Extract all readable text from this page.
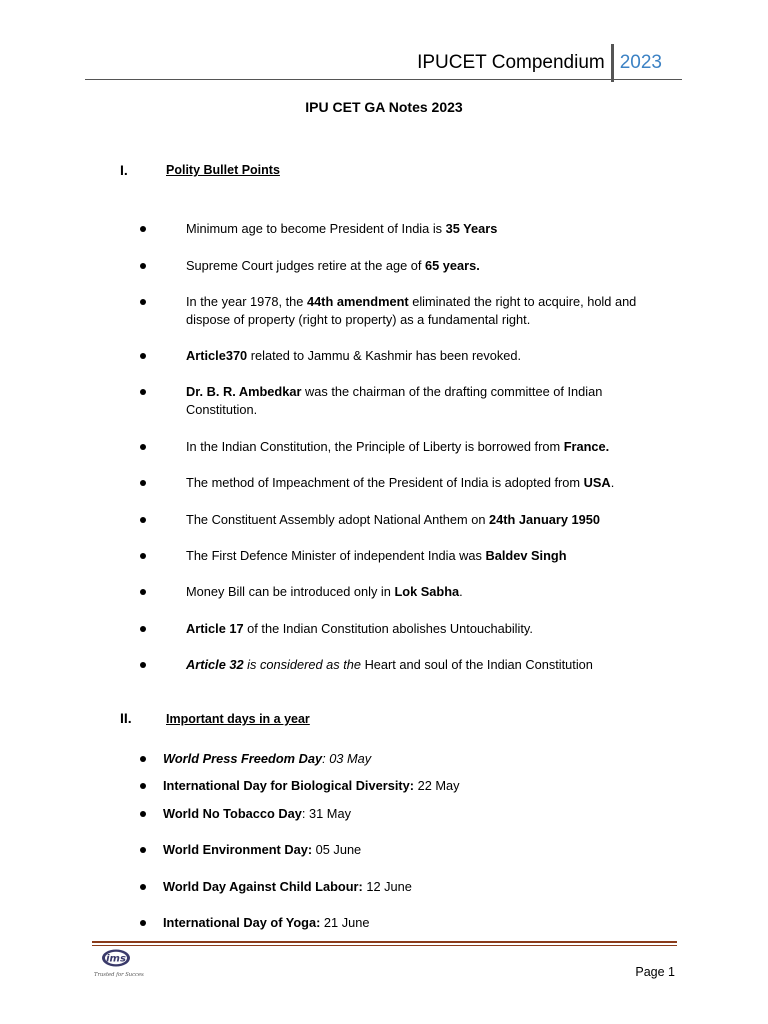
IPUCET Compendium 2023
IPU CET GA Notes 2023
I.	Polity Bullet Points
Minimum age to become President of India is 35 Years
Supreme Court judges retire at the age of 65 years.
In the year 1978, the 44th amendment eliminated the right to acquire, hold and dispose of property (right to property) as a fundamental right.
Article370 related to Jammu & Kashmir has been revoked.
Dr. B. R. Ambedkar was the chairman of the drafting committee of Indian Constitution.
In the Indian Constitution, the Principle of Liberty is borrowed from France.
The method of Impeachment of the President of India is adopted from USA.
The Constituent Assembly adopt National Anthem on 24th January 1950
The First Defence Minister of independent India was Baldev Singh
Money Bill can be introduced only in Lok Sabha.
Article 17 of the Indian Constitution abolishes Untouchability.
Article 32 is considered as the Heart and soul of the Indian Constitution
II.	Important days in a year
World Press Freedom Day: 03 May
International Day for Biological Diversity: 22 May
World No Tobacco Day: 31 May
World Environment Day: 05 June
World Day Against Child Labour: 12 June
International Day of Yoga: 21 June
ims
Trusted for Success	Page 1
